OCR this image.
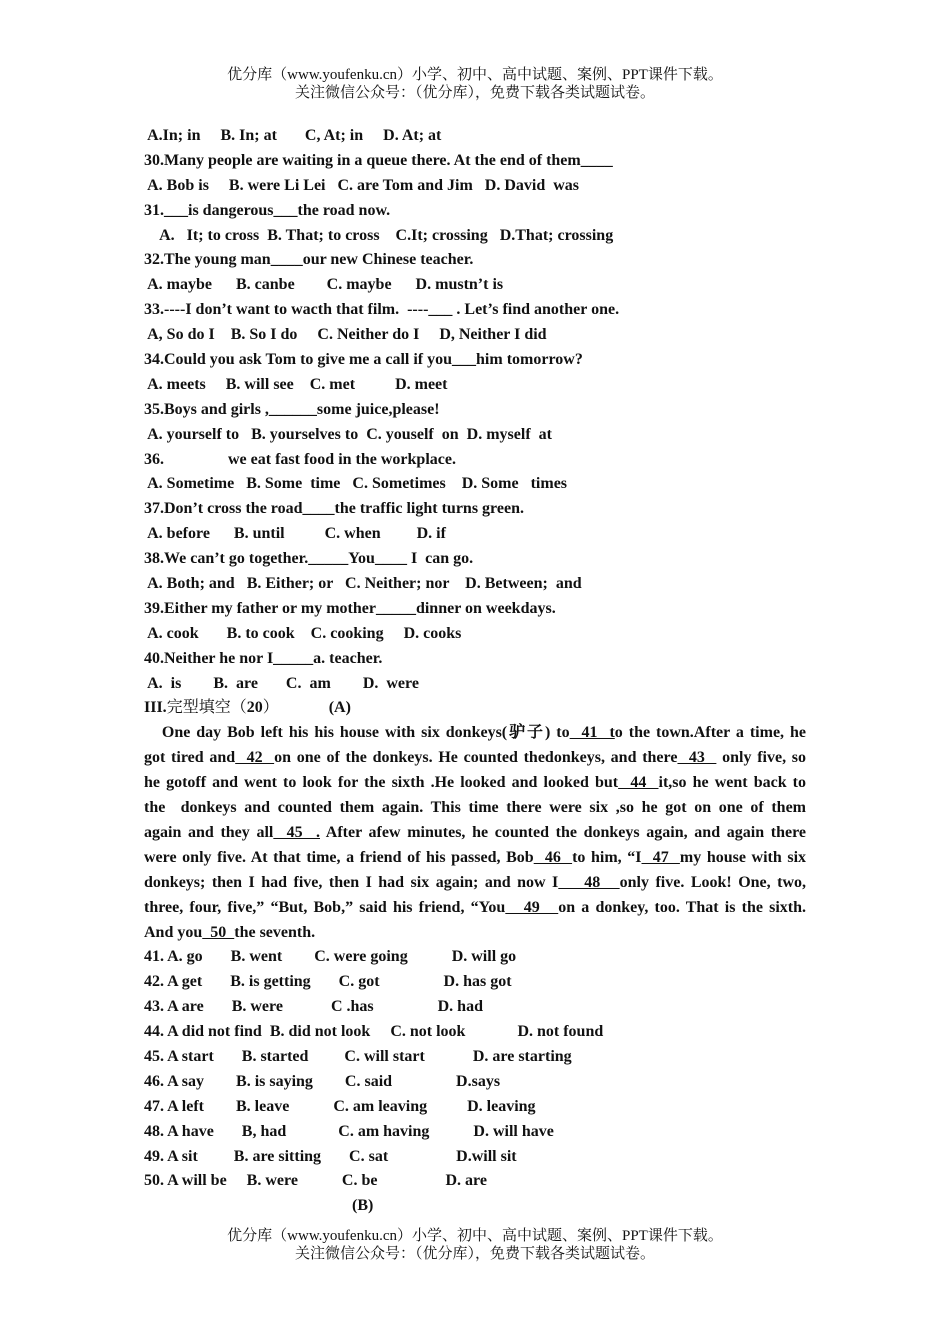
优分库（www.youfenku.cn）小学、初中、高中试题、案例、PPT课件下载。
关注微信公众号：（优分库），免费下载各类试题试卷。
A.In; in     B. In; at       C, At; in     D. At; at
30.Many people are waiting in a queue there. At the end of them____
A. Bob is     B. were Li Lei   C. are Tom and Jim   D. David  was
31.___is dangerous___the road now.
A.   It; to cross  B. That; to cross    C.It; crossing   D.That; crossing
32.The young man____our new Chinese teacher.
A. maybe      B. canbe        C. maybe      D. mustn’t is
33.----I don’t want to wacth that film.  ----___ . Let’s find another one.
A, So do I    B. So I do     C. Neither do I     D, Neither I did
34.Could you ask Tom to give me a call if you___him tomorrow?
A. meets     B. will see    C. met          D. meet
35.Boys and girls ,______some juice,please!
A. yourself to   B. yourselves to  C. youself  on  D. myself  at
36.                we eat fast food in the workplace.
A. Sometime   B. Some  time   C. Sometimes    D. Some   times
37.Don’t cross the road____the traffic light turns green.
A. before      B. until          C. when         D. if
38.We can’t go together._____You____ I  can go.
A. Both; and   B. Either; or   C. Neither; nor    D. Between;  and
39.Either my father or my mother_____dinner on weekdays.
A. cook       B. to cook    C. cooking     D. cooks
40.Neither he nor I_____a. teacher.
A.  is        B.  are       C.  am        D.  were
III.完型填空（20）	(A)
One day Bob left his his house with six donkeys(驴子) to  41  to the town.After a time, he
got tired and  42  on one of the donkeys. He counted thedonkeys, and there  43   only five, so
he gotoff and went to look for the sixth .He looked and looked but  44  it,so he went back to
the  donkeys and counted them again. This time there were six ,so he got on one of them
again and they all  45  . After afew minutes, he counted the donkeys again, and again there
were only five. At that time, a friend of his passed, Bob  46  to him, “I  47  my house with six
donkeys; then I had five, then I had six again; and now I    48   only five. Look! One, two,
three, four, five,” “But, Bob,” said his friend, “You   49   on a donkey, too. That is the sixth.
And you  50  the seventh.
41. A. go       B. went        C. were going           D. will go
42. A get       B. is getting       C. got                D. has got
43. A are       B. were            C .has                D. had
44. A did not find  B. did not look     C. not look             D. not found
45. A start       B. started         C. will start            D. are starting
46. A say        B. is saying        C. said                D.says
47. A left        B. leave           C. am leaving          D. leaving
48. A have       B, had             C. am having           D. will have
49. A sit         B. are sitting       C. sat                 D.will sit
50. A will be     B. were           C. be                 D. are
(B)
优分库（www.youfenku.cn）小学、初中、高中试题、案例、PPT课件下载。
关注微信公众号：（优分库），免费下载各类试题试卷。
